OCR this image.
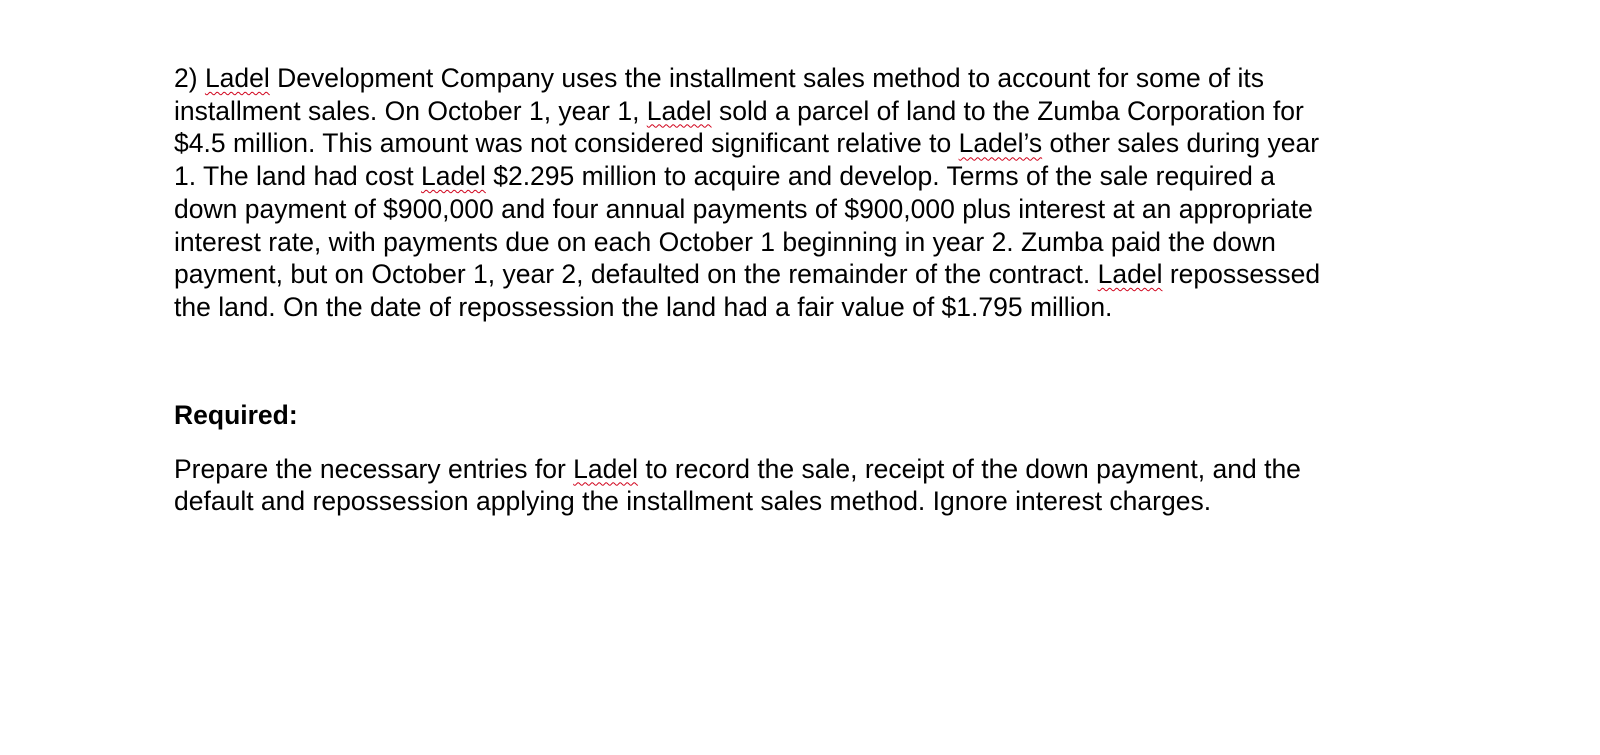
2) Ladel Development Company uses the installment sales method to account for some of its
installment sales. On October 1, year 1, Ladel sold a parcel of land to the Zumba Corporation for
$4.5 million. This amount was not considered significant relative to Ladel’s other sales during year
1. The land had cost Ladel $2.295 million to acquire and develop. Terms of the sale required a
down payment of $900,000 and four annual payments of $900,000 plus interest at an appropriate
interest rate, with payments due on each October 1 beginning in year 2. Zumba paid the down
payment, but on October 1, year 2, defaulted on the remainder of the contract. Ladel repossessed
the land. On the date of repossession the land had a fair value of $1.795 million.

Required:

Prepare the necessary entries for Ladel to record the sale, receipt of the down payment, and the
default and repossession applying the installment sales method. Ignore interest charges.
